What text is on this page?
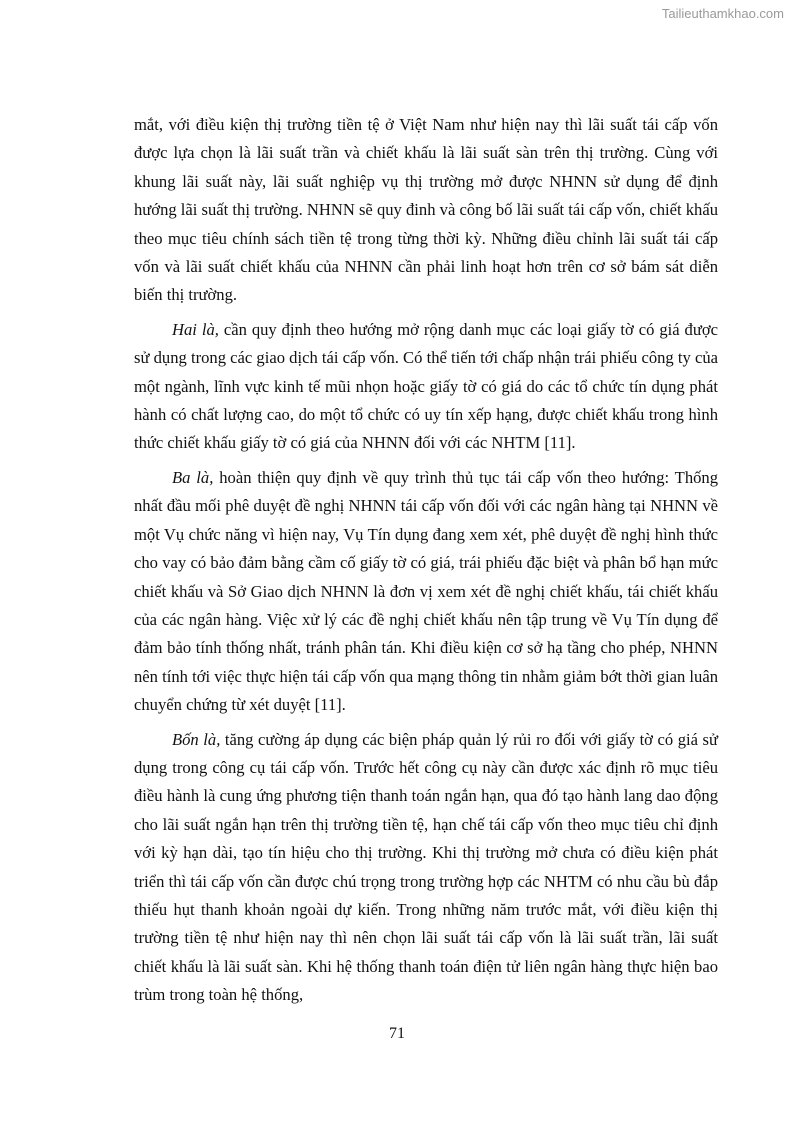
Tailieuthamkhao.com

mắt, với điều kiện thị trường tiền tệ ở Việt Nam như hiện nay thì lãi suất tái cấp vốn được lựa chọn là lãi suất trần và chiết khấu là lãi suất sàn trên thị trường. Cùng với khung lãi suất này, lãi suất nghiệp vụ thị trường mở được NHNN sử dụng để định hướng lãi suất thị trường. NHNN sẽ quy đinh và công bố lãi suất tái cấp vốn, chiết khấu theo mục tiêu chính sách tiền tệ trong từng thời kỳ. Những điều chỉnh lãi suất tái cấp vốn và lãi suất chiết khấu của NHNN cần phải linh hoạt hơn trên cơ sở bám sát diễn biến thị trường.

Hai là, cần quy định theo hướng mở rộng danh mục các loại giấy tờ có giá được sử dụng trong các giao dịch tái cấp vốn. Có thể tiến tới chấp nhận trái phiếu công ty của một ngành, lĩnh vực kinh tế mũi nhọn hoặc giấy tờ có giá do các tổ chức tín dụng phát hành có chất lượng cao, do một tổ chức có uy tín xếp hạng, được chiết khấu trong hình thức chiết khấu giấy tờ có giá của NHNN đối với các NHTM [11].

Ba là, hoàn thiện quy định về quy trình thủ tục tái cấp vốn theo hướng: Thống nhất đầu mối phê duyệt đề nghị NHNN tái cấp vốn đối với các ngân hàng tại NHNN về một Vụ chức năng vì hiện nay, Vụ Tín dụng đang xem xét, phê duyệt đề nghị hình thức cho vay có bảo đảm bằng cầm cố giấy tờ có giá, trái phiếu đặc biệt và phân bổ hạn mức chiết khấu và Sở Giao dịch NHNN là đơn vị xem xét đề nghị chiết khấu, tái chiết khấu của các ngân hàng. Việc xử lý các đề nghị chiết khấu nên tập trung về Vụ Tín dụng để đảm bảo tính thống nhất, tránh phân tán. Khi điều kiện cơ sở hạ tầng cho phép, NHNN nên tính tới việc thực hiện tái cấp vốn qua mạng thông tin nhằm giảm bớt thời gian luân chuyển chứng từ xét duyệt [11].

Bốn là, tăng cường áp dụng các biện pháp quản lý rủi ro đối với giấy tờ có giá sử dụng trong công cụ tái cấp vốn. Trước hết công cụ này cần được xác định rõ mục tiêu điều hành là cung ứng phương tiện thanh toán ngắn hạn, qua đó tạo hành lang dao động cho lãi suất ngắn hạn trên thị trường tiền tệ, hạn chế tái cấp vốn theo mục tiêu chỉ định với kỳ hạn dài, tạo tín hiệu cho thị trường. Khi thị trường mở chưa có điều kiện phát triển thì tái cấp vốn cần được chú trọng trong trường hợp các NHTM có nhu cầu bù đắp thiếu hụt thanh khoản ngoài dự kiến. Trong những năm trước mắt, với điều kiện thị trường tiền tệ như hiện nay thì nên chọn lãi suất tái cấp vốn là lãi suất trần, lãi suất chiết khấu là lãi suất sàn. Khi hệ thống thanh toán điện tử liên ngân hàng thực hiện bao trùm trong toàn hệ thống,

71
